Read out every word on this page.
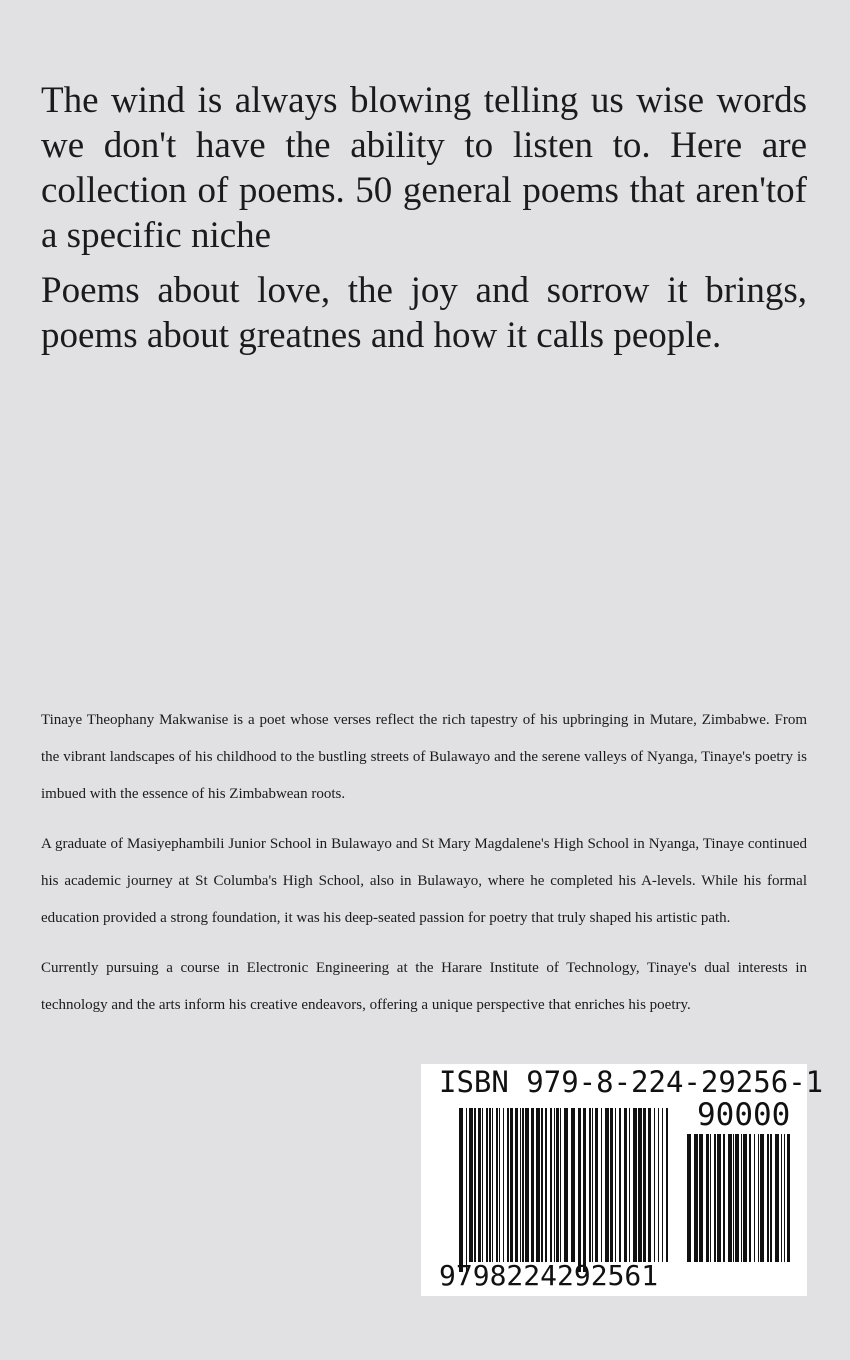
The wind is always blowing telling us wise words we don't have the ability to listen to. Here are collection of poems. 50 general poems that aren'tof a specific niche

Poems about love, the joy and sorrow it brings, poems about greatnes and how it calls people.

Tinaye Theophany Makwanise is a poet whose verses reflect the rich tapestry of his upbringing in Mutare, Zimbabwe. From the vibrant landscapes of his childhood to the bustling streets of Bulawayo and the serene valleys of Nyanga, Tinaye's poetry is imbued with the essence of his Zimbabwean roots.

A graduate of Masiyephambili Junior School in Bulawayo and St Mary Magdalene's High School in Nyanga, Tinaye continued his academic journey at St Columba's High School, also in Bulawayo, where he completed his A-levels. While his formal education provided a strong foundation, it was his deep-seated passion for poetry that truly shaped his artistic path.

Currently pursuing a course in Electronic Engineering at the Harare Institute of Technology, Tinaye's dual interests in technology and the arts inform his creative endeavors, offering a unique perspective that enriches his poetry.

ISBN 979-8-224-29256-1
90000
9798224292561
